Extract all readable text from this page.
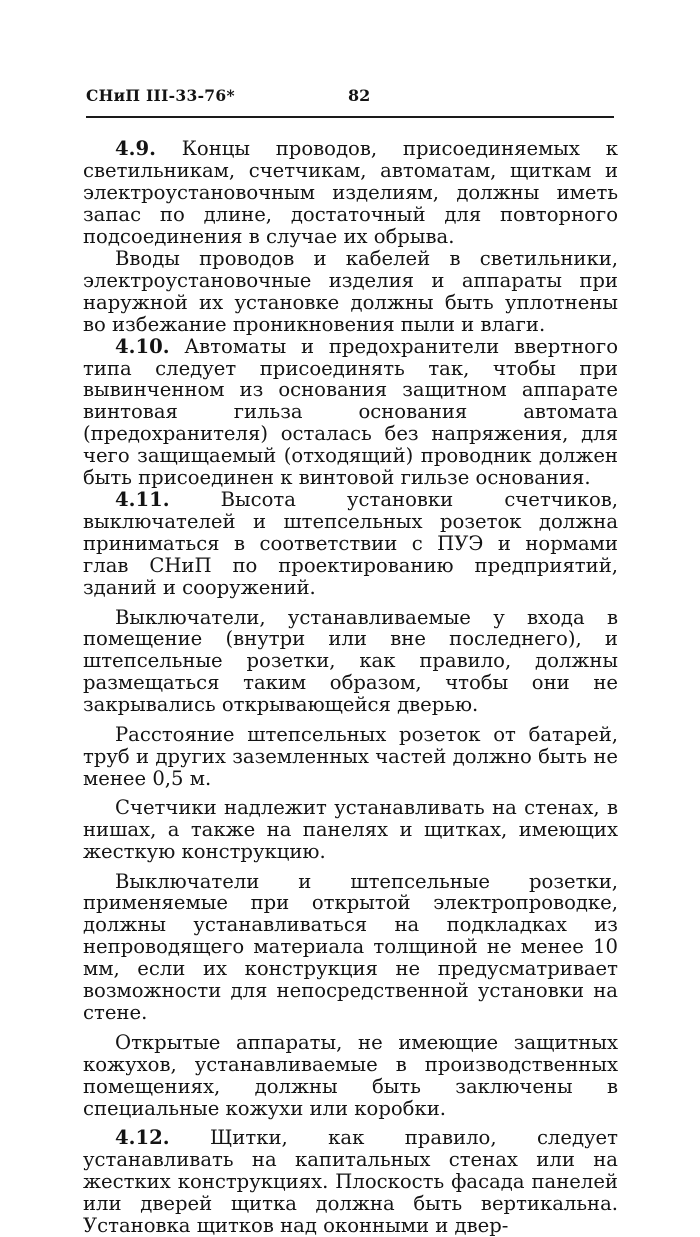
СНиП III-33-76*	82

4.9. Концы проводов, присоединяемых к светильникам, счетчикам, автоматам, щиткам и электроустановочным изделиям, должны иметь запас по длине, достаточный для повторного подсоединения в случае их обрыва.

Вводы проводов и кабелей в светильники, электроустановочные изделия и аппараты при наружной их установке должны быть уплотнены во избежание проникновения пыли и влаги.

4.10. Автоматы и предохранители ввертного типа следует присоединять так, чтобы при вывинченном из основания защитном аппарате винтовая гильза основания автомата (предохранителя) осталась без напряжения, для чего защищаемый (отходящий) проводник должен быть присоединен к винтовой гильзе основания.

4.11.	Высота установки счетчиков, выключателей и штепсельных розеток должна приниматься в соответствии с ПУЭ и нормами глав СНиП по проектированию предприятий, зданий и сооружений.

Выключатели, устанавливаемые у входа в помещение (внутри или вне последнего), и штепсельные розетки, как правило, должны размещаться таким образом, чтобы они не закрывались открывающейся дверью.

Расстояние штепсельных розеток от батарей, труб и других заземленных частей должно быть не менее 0,5 м.

Счетчики надлежит устанавливать на стенах, в нишах, а также на панелях и щитках, имеющих жесткую конструкцию.

Выключатели и штепсельные розетки, применяемые при открытой электропроводке, должны устанавливаться на подкладках из непроводящего материала толщиной не менее 10 мм, если их конструкция не предусматривает возможности для непосредственной установки на стене.

Открытые аппараты, не имеющие защитных кожухов, устанавливаемые в производственных помещениях, должны быть заключены в специальные кожухи или коробки.

4.12. Щитки, как правило, следует устанавливать на капитальных стенах или на жестких конструкциях. Плоскость фасада панелей или дверей щитка должна быть вертикальна. Установка щитков над оконными и двер-
